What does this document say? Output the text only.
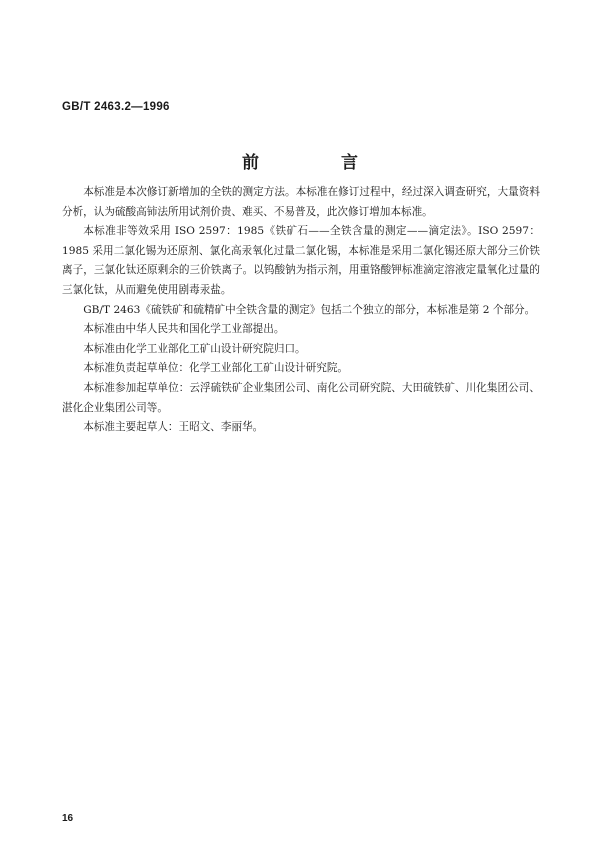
GB/T 2463.2—1996
前 言

本标准是本次修订新增加的全铁的测定方法。本标准在修订过程中，经过深入调查研究，大量资料分析，认为硫酸高铈法所用试剂价贵、难买、不易普及，此次修订增加本标准。

本标准非等效采用 ISO 2597：1985《铁矿石——全铁含量的测定——滴定法》。ISO 2597：1985 采用二氯化锡为还原剂、氯化高汞氧化过量二氯化锡，本标准是采用二氯化锡还原大部分三价铁离子，三氯化钛还原剩余的三价铁离子。以钨酸钠为指示剂，用重铬酸钾标准滴定溶液定量氧化过量的三氯化钛，从而避免使用剧毒汞盐。

GB/T 2463《硫铁矿和硫精矿中全铁含量的测定》包括二个独立的部分，本标准是第 2 个部分。

本标准由中华人民共和国化学工业部提出。

本标准由化学工业部化工矿山设计研究院归口。

本标准负责起草单位：化学工业部化工矿山设计研究院。

本标准参加起草单位：云浮硫铁矿企业集团公司、南化公司研究院、大田硫铁矿、川化集团公司、湛化企业集团公司等。

本标准主要起草人：王昭文、李丽华。

16
